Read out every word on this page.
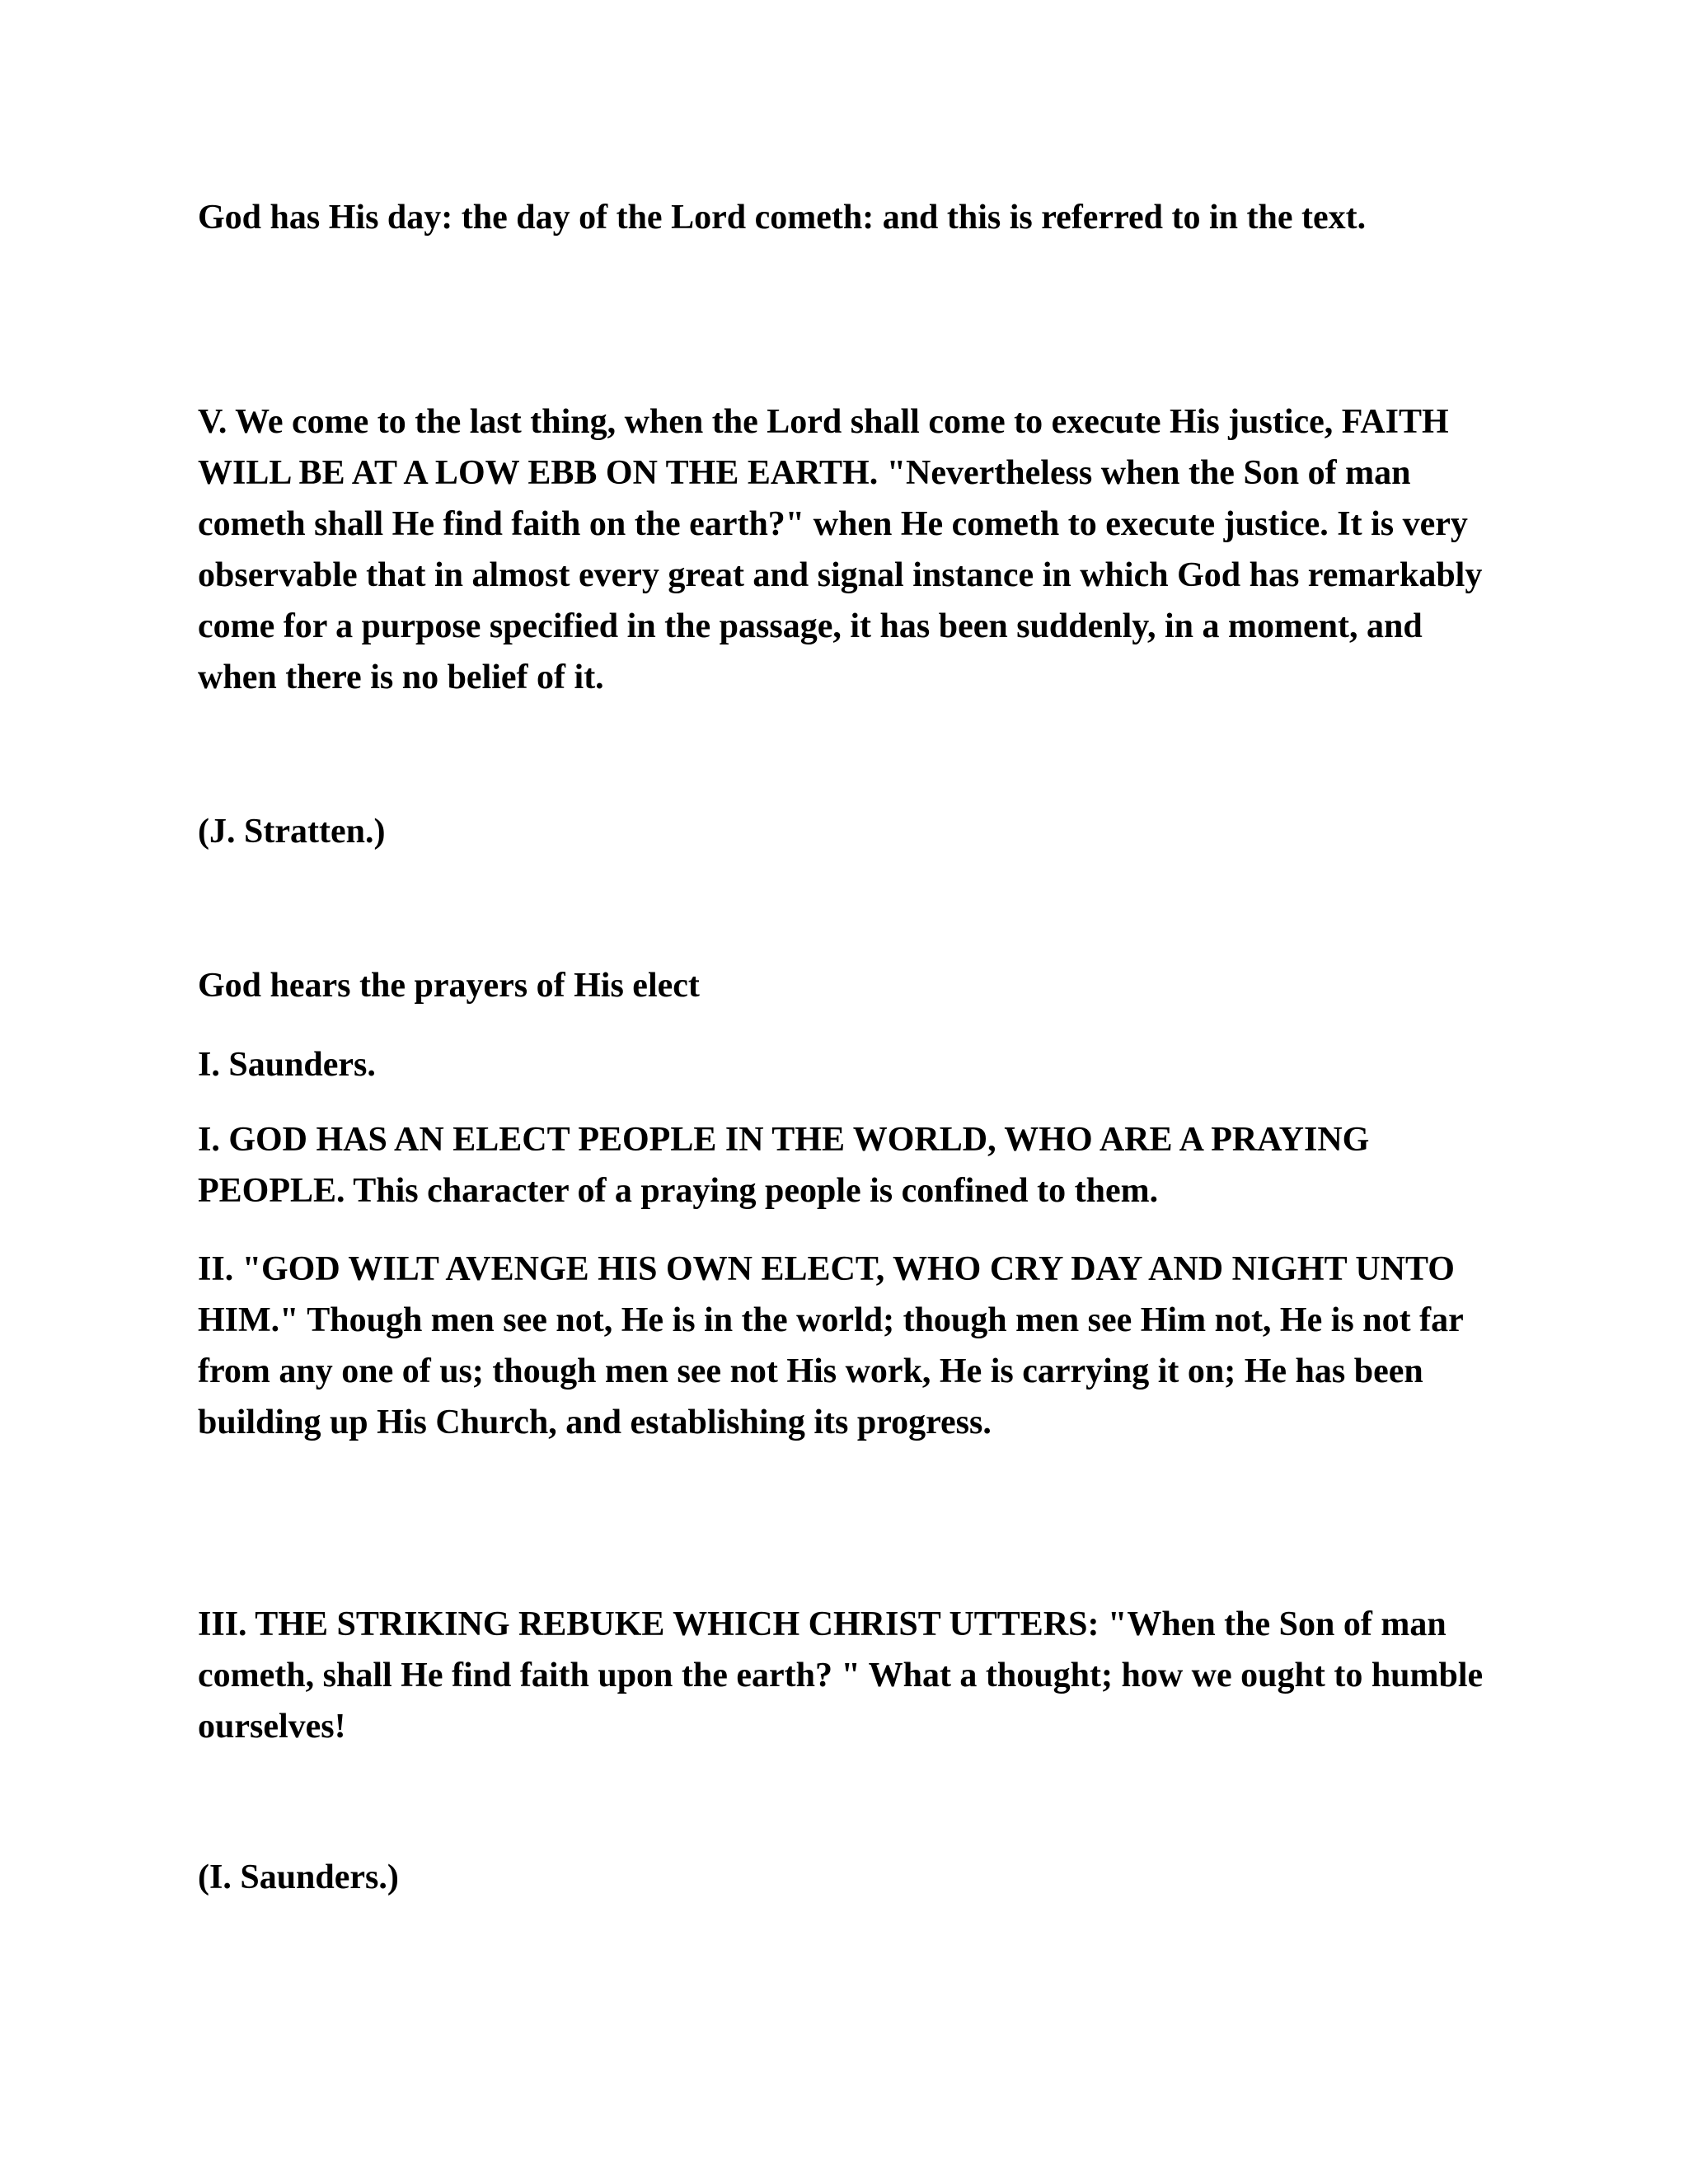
God has His day: the day of the Lord cometh: and this is referred to in the text.

V. We come to the last thing, when the Lord shall come to execute His justice, FAITH WILL BE AT A LOW EBB ON THE EARTH. "Nevertheless when the Son of man cometh shall He find faith on the earth?" when He cometh to execute justice. It is very observable that in almost every great and signal instance in which God has remarkably come for a purpose specified in the passage, it has been suddenly, in a moment, and when there is no belief of it.

(J. Stratten.)

God hears the prayers of His elect

I. Saunders.

I. GOD HAS AN ELECT PEOPLE IN THE WORLD, WHO ARE A PRAYING PEOPLE. This character of a praying people is confined to them.

II. "GOD WILT AVENGE HIS OWN ELECT, WHO CRY DAY AND NIGHT UNTO HIM." Though men see not, He is in the world; though men see Him not, He is not far from any one of us; though men see not His work, He is carrying it on; He has been building up His Church, and establishing its progress.

III. THE STRIKING REBUKE WHICH CHRIST UTTERS: "When the Son of man cometh, shall He find faith upon the earth? " What a thought; how we ought to humble ourselves!

(I. Saunders.)
